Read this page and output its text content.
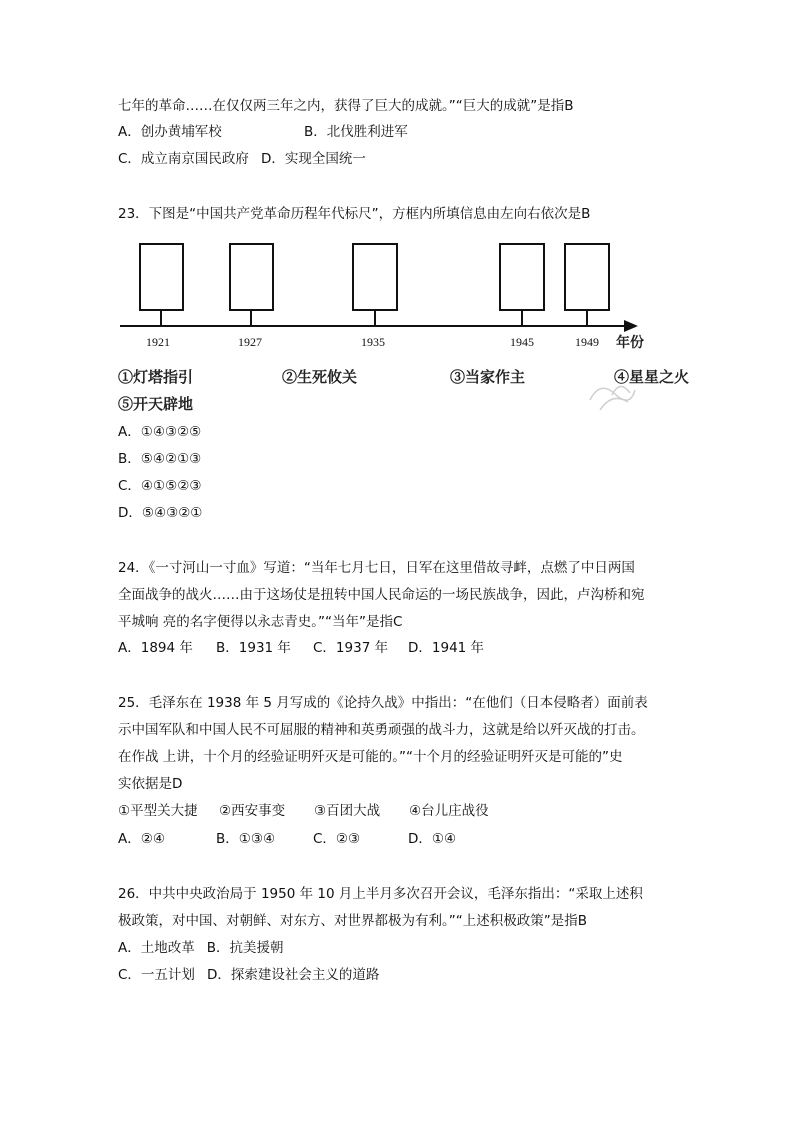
七年的革命……在仅仅两三年之内，获得了巨大的成就。”“巨大的成就”是指B
A．创办黄埔军校	B．北伐胜利进军
C．成立南京国民政府 D．实现全国统一
23．下图是“中国共产党革命历程年代标尺”，方框内所填信息由左向右依次是B
1921	1927	1935	1945	1949 年份
①灯塔指引	②生死攸关	③当家作主	④星星之火
⑤开天辟地
A．①④③②⑤
B．⑤④②①③
C．④①⑤②③
D．⑤④③②①
24．《一寸河山一寸血》写道：“当年七月七日，日军在这里借故寻衅，点燃了中日两国
全面战争的战火……由于这场仗是扭转中国人民命运的一场民族战争，因此，卢沟桥和宛
平城响 亮的名字便得以永志青史。”“当年”是指C
A．1894 年 B．1931 年 C．1937 年 D．1941 年
25．毛泽东在 1938 年 5 月写成的《论持久战》中指出：“在他们（日本侵略者）面前表
示中国军队和中国人民不可屈服的精神和英勇顽强的战斗力，这就是给以歼灭战的打击。
在作战 上讲，十个月的经验证明歼灭是可能的。”“十个月的经验证明歼灭是可能的”史
实依据是D
①平型关大捷 ②西安事变 ③百团大战 ④台儿庄战役
A．②④	B．①③④	C．②③	D．①④
26．中共中央政治局于 1950 年 10 月上半月多次召开会议，毛泽东指出：“采取上述积
极政策，对中国、对朝鲜、对东方、对世界都极为有利。”“上述积极政策”是指B
A．土地改革 B．抗美援朝
C．一五计划 D．探索建设社会主义的道路
